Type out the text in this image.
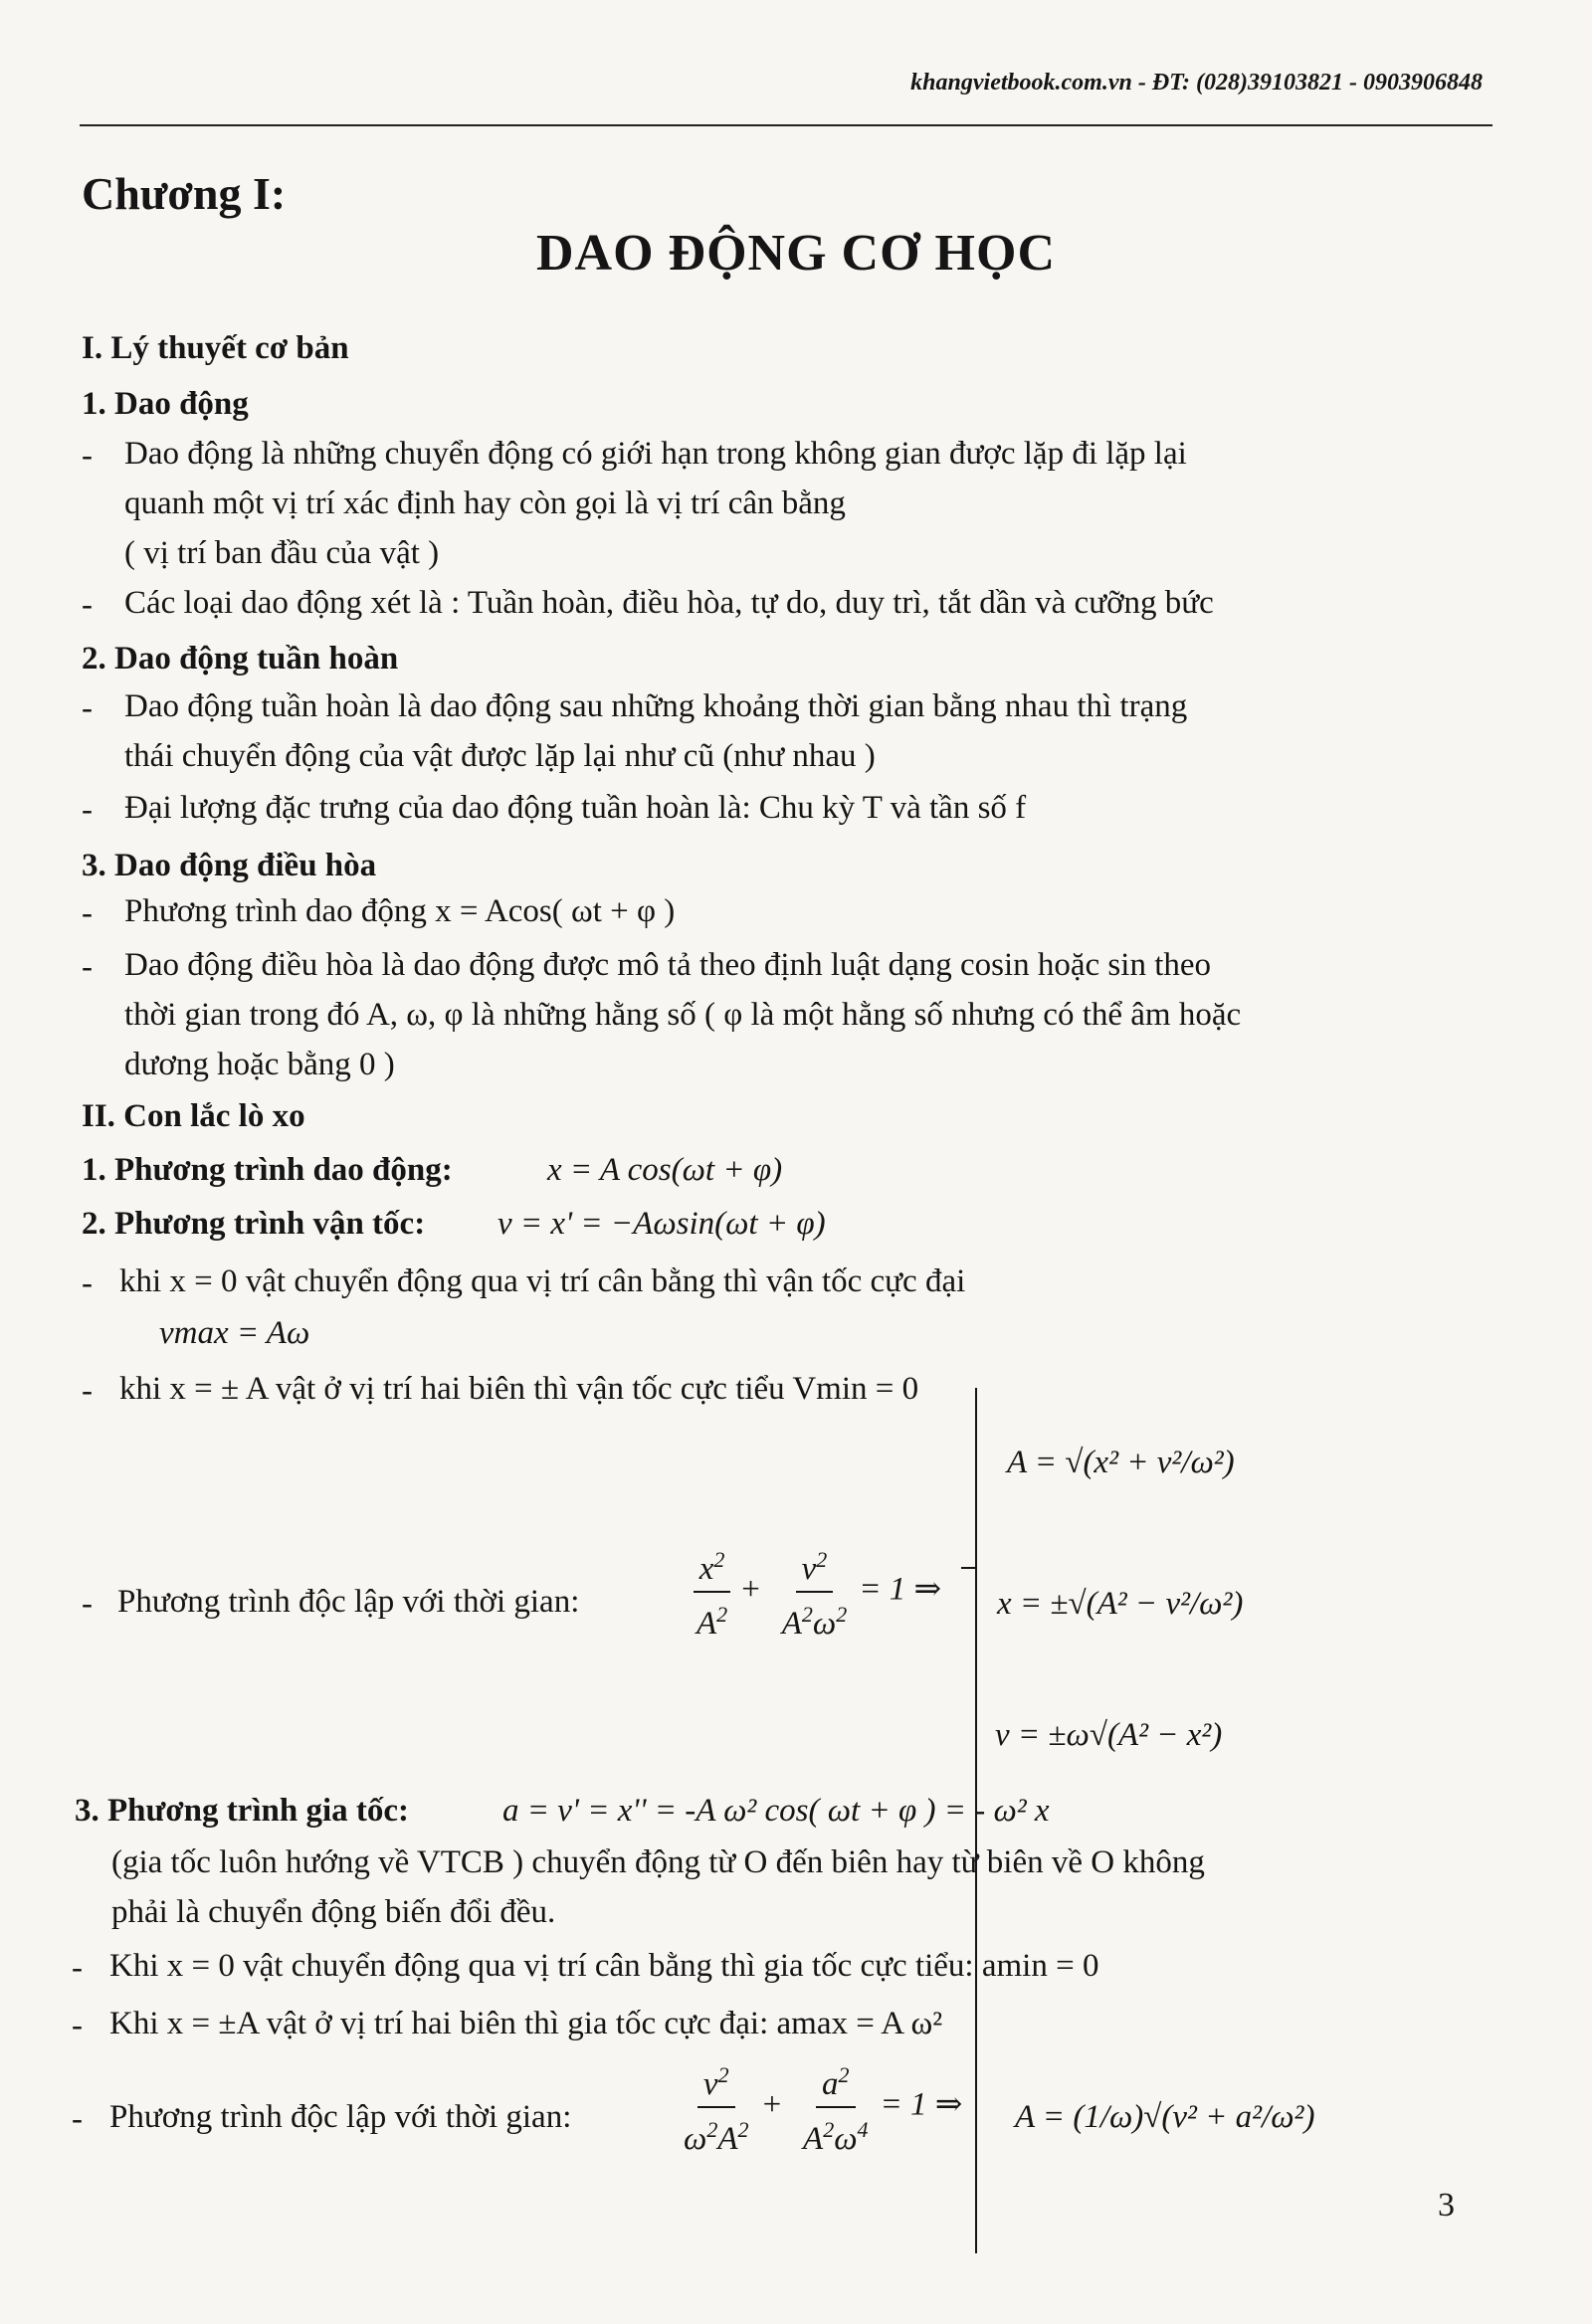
khangvietbook.com.vn - ĐT: (028)39103821 - 0903906848
Chương I:
DAO ĐỘNG CƠ HỌC
I. Lý thuyết cơ bản
1. Dao động
- Dao động là những chuyển động có giới hạn trong không gian được lặp đi lặp lại
quanh một vị trí xác định hay còn gọi là vị trí cân bằng
( vị trí ban đầu của vật )
- Các loại dao động xét là : Tuần hoàn, điều hòa, tự do, duy trì, tắt dần và cưỡng bức
2. Dao động tuần hoàn
- Dao động tuần hoàn là dao động sau những khoảng thời gian bằng nhau thì trạng
thái chuyển động của vật được lặp lại như cũ (như nhau )
- Đại lượng đặc trưng của dao động tuần hoàn là: Chu kỳ T và tần số f
3. Dao động điều hòa
- Phương trình dao động x = Acos( ωt + φ )
- Dao động điều hòa là dao động được mô tả theo định luật dạng cosin hoặc sin theo
thời gian trong đó A, ω, φ là những hằng số ( φ là một hằng số nhưng có thể âm hoặc
dương hoặc bằng 0 )
II. Con lắc lò xo
1. Phương trình dao động:	x = A cos(ωt + φ)
2. Phương trình vận tốc: v = x' = −Aωsin(ωt + φ)
- khi x = 0 vật chuyển động qua vị trí cân bằng thì vận tốc cực đại
vmax = Aω
- khi x = ± A vật ở vị trí hai biên thì vận tốc cực tiểu Vmin = 0
- Phương trình độc lập với thời gian:	$\frac{x^2}{A^2} + \frac{v^2}{A^2\omega^2} = 1$ ⇒
A = √(x² + v²/ω²)
x = ±√(A² − v²/ω²)
v = ±ω√(A² − x²)
3. Phương trình gia tốc:	a = v' = x'' = -A ω² cos( ωt + φ ) = - ω² x
(gia tốc luôn hướng về VTCB ) chuyển động từ O đến biên hay từ biên về O không
phải là chuyển động biến đổi đều.
- Khi x = 0 vật chuyển động qua vị trí cân bằng thì gia tốc cực tiểu: amin = 0
- Khi x = ±A vật ở vị trí hai biên thì gia tốc cực đại: amax = A ω²
- Phương trình độc lập với thời gian:	$\frac{v^2}{\omega^2A^2} + \frac{a^2}{A^2\omega^4} = 1$ ⇒ A = (1/ω)√(v² + a²/ω²)
3
